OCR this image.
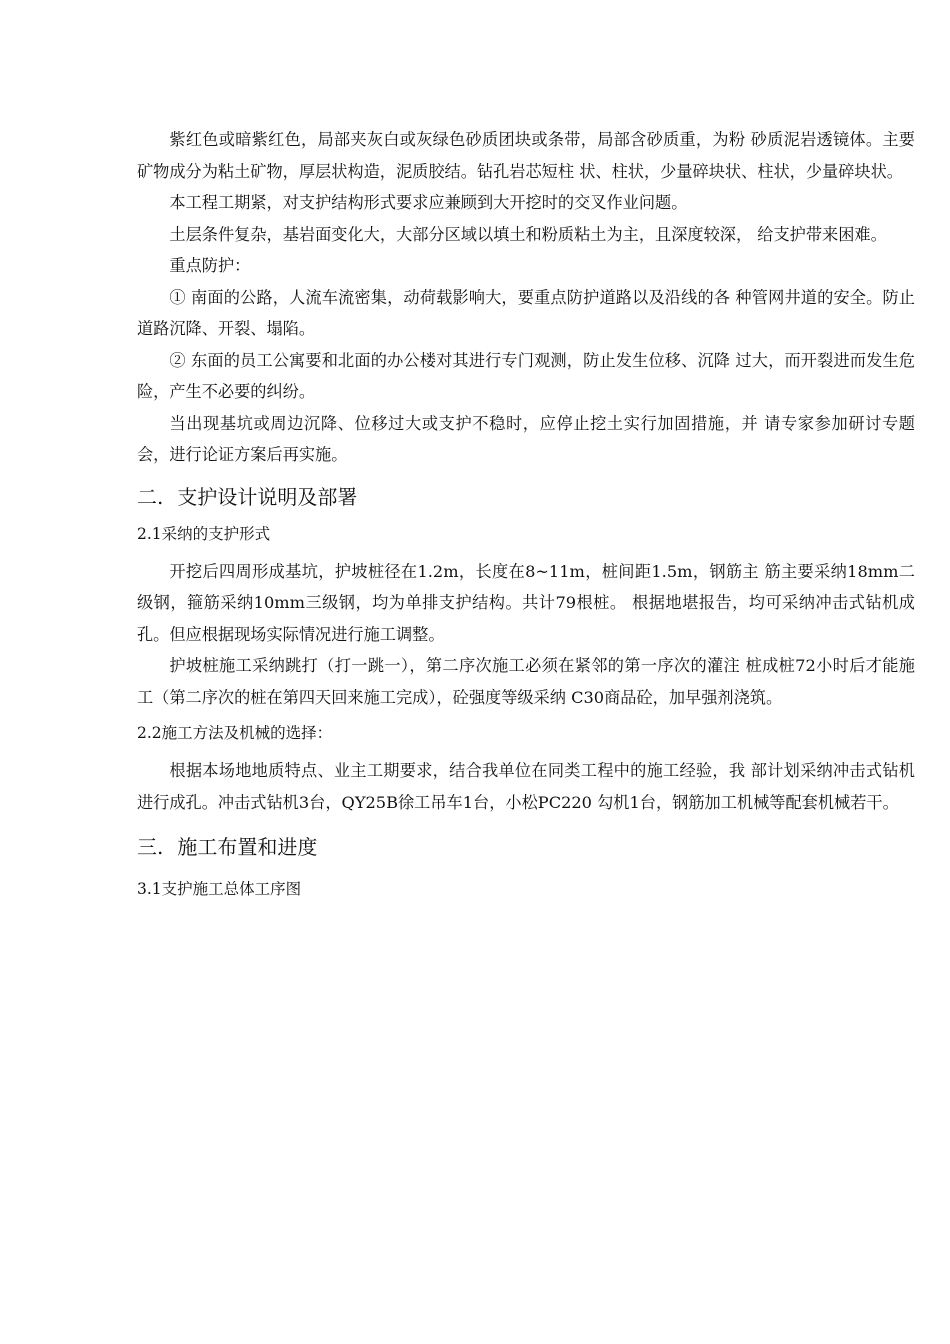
紫红色或暗紫红色，局部夹灰白或灰绿色砂质团块或条带，局部含砂质重，为粉 砂质泥岩透镜体。主要矿物成分为粘土矿物，厚层状构造，泥质胶结。钻孔岩芯短柱 状、柱状，少量碎块状、柱状，少量碎块状。

本工程工期紧，对支护结构形式要求应兼顾到大开挖时的交叉作业问题。

土层条件复杂，基岩面变化大，大部分区域以填土和粉质粘土为主，且深度较深， 给支护带来困难。

重点防护：

① 南面的公路，人流车流密集，动荷载影响大，要重点防护道路以及沿线的各 种管网井道的安全。防止道路沉降、开裂、塌陷。

② 东面的员工公寓要和北面的办公楼对其进行专门观测，防止发生位移、沉降 过大，而开裂进而发生危险，产生不必要的纠纷。

当出现基坑或周边沉降、位移过大或支护不稳时，应停止挖土实行加固措施，并 请专家参加研讨专题会，进行论证方案后再实施。

二. 支护设计说明及部署
2.1采纳的支护形式

开挖后四周形成基坑，护坡桩径在1.2m，长度在8~11m，桩间距1.5m，钢筋主 筋主要采纳18mm二级钢，箍筋采纳10mm三级钢，均为单排支护结构。共计79根桩。 根据地堪报告，均可采纳冲击式钻机成孔。但应根据现场实际情况进行施工调整。

护坡桩施工采纳跳打（打一跳一），第二序次施工必须在紧邻的第一序次的灌注 桩成桩72小时后才能施工（第二序次的桩在第四天回来施工完成），砼强度等级采纳 C30商品砼，加早强剂浇筑。

2.2施工方法及机械的选择：

根据本场地地质特点、业主工期要求，结合我单位在同类工程中的施工经验，我 部计划采纳冲击式钻机进行成孔。冲击式钻机3台，QY25B徐工吊车1台，小松PC220 勾机1台，钢筋加工机械等配套机械若干。

三. 施工布置和进度
3.1支护施工总体工序图
